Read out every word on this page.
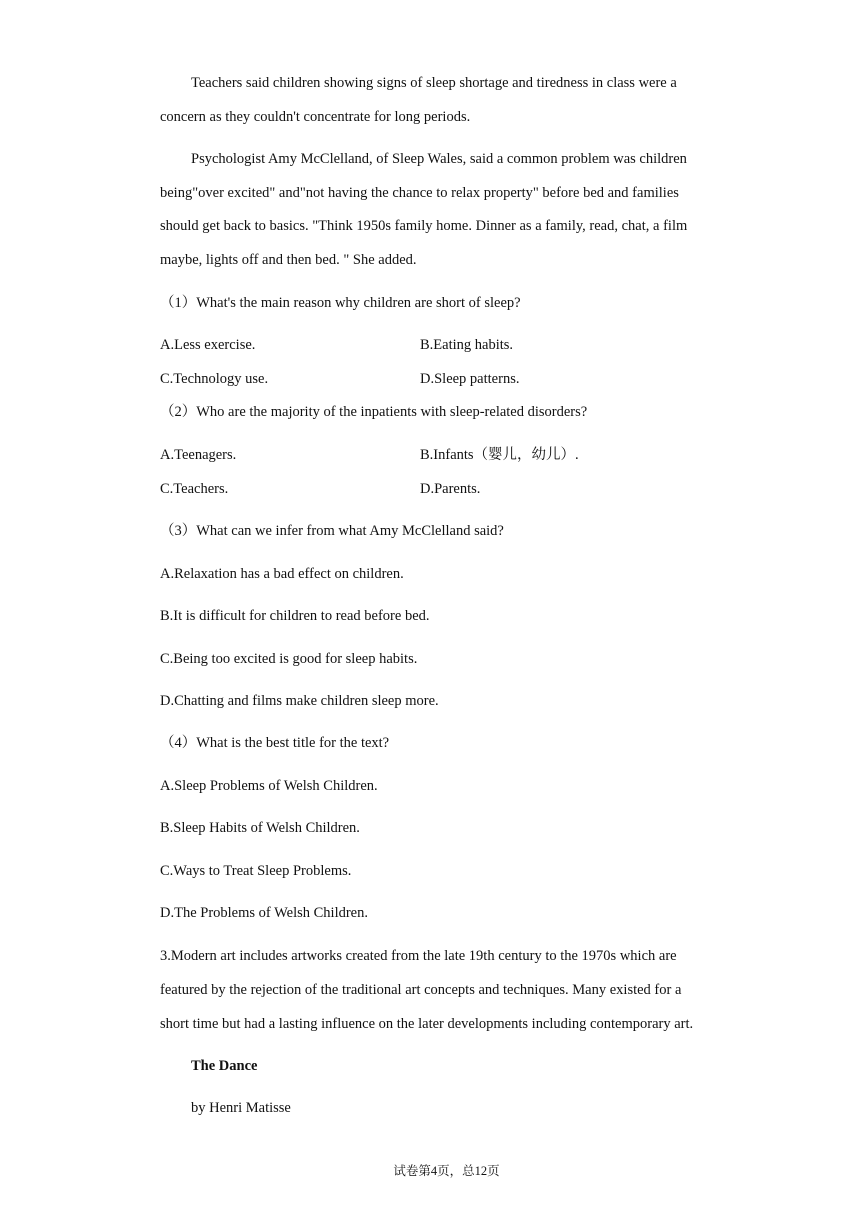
Teachers said children showing signs of sleep shortage and tiredness in class were a
concern as they couldn't concentrate for long periods.
Psychologist Amy McClelland, of Sleep Wales, said a common problem was children
being"over excited" and"not having the chance to relax property" before bed and families
should get back to basics. "Think 1950s family home. Dinner as a family, read, chat, a film
maybe, lights off and then bed. " She added.
（1）What's the main reason why children are short of sleep?
A.Less exercise.	B.Eating habits.
C.Technology use.	D.Sleep patterns.
（2）Who are the majority of the inpatients with sleep-related disorders?
A.Teenagers.	B.Infants（婴儿，幼儿）.
C.Teachers.	D.Parents.
（3）What can we infer from what Amy McClelland said?
A.Relaxation has a bad effect on children.
B.It is difficult for children to read before bed.
C.Being too excited is good for sleep habits.
D.Chatting and films make children sleep more.
（4）What is the best title for the text?
A.Sleep Problems of Welsh Children.
B.Sleep Habits of Welsh Children.
C.Ways to Treat Sleep Problems.
D.The Problems of Welsh Children.
3.Modern art includes artworks created from the late 19th century to the 1970s which are
featured by the rejection of the traditional art concepts and techniques. Many existed for a
short time but had a lasting influence on the later developments including contemporary art.
The Dance
by Henri Matisse
试卷第4页，总12页
